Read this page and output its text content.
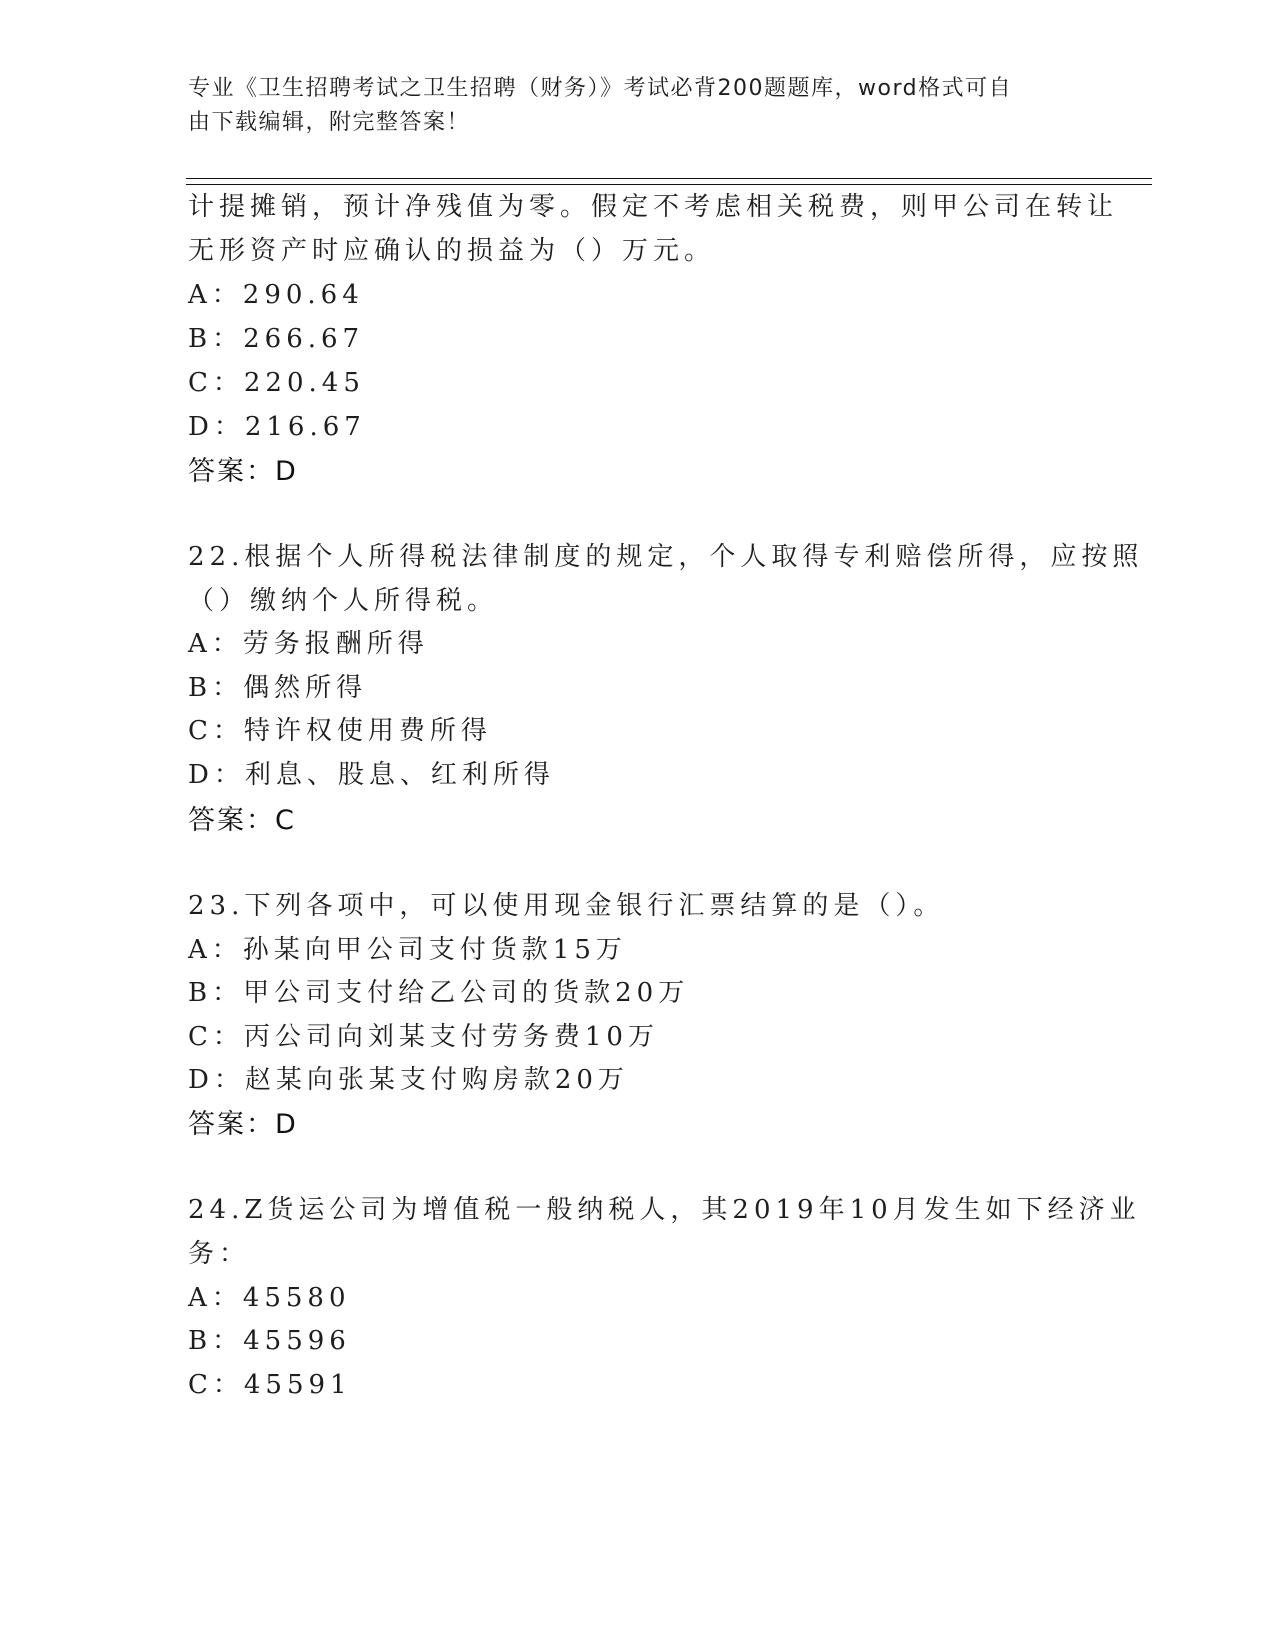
专业《卫生招聘考试之卫生招聘（财务）》考试必背200题题库，word格式可自
由下载编辑，附完整答案！
计提摊销，预计净残值为零。假定不考虑相关税费，则甲公司在转让
无形资产时应确认的损益为（）万元。
A：290.64
B：266.67
C：220.45
D：216.67
答案：D
22.根据个人所得税法律制度的规定，个人取得专利赔偿所得，应按照
（）缴纳个人所得税。
A：劳务报酬所得
B：偶然所得
C：特许权使用费所得
D：利息、股息、红利所得
答案：C
23.下列各项中，可以使用现金银行汇票结算的是（）。
A：孙某向甲公司支付货款15万
B：甲公司支付给乙公司的货款20万
C：丙公司向刘某支付劳务费10万
D：赵某向张某支付购房款20万
答案：D
24.Z货运公司为增值税一般纳税人，其2019年10月发生如下经济业
务：
A：45580
B：45596
C：45591
